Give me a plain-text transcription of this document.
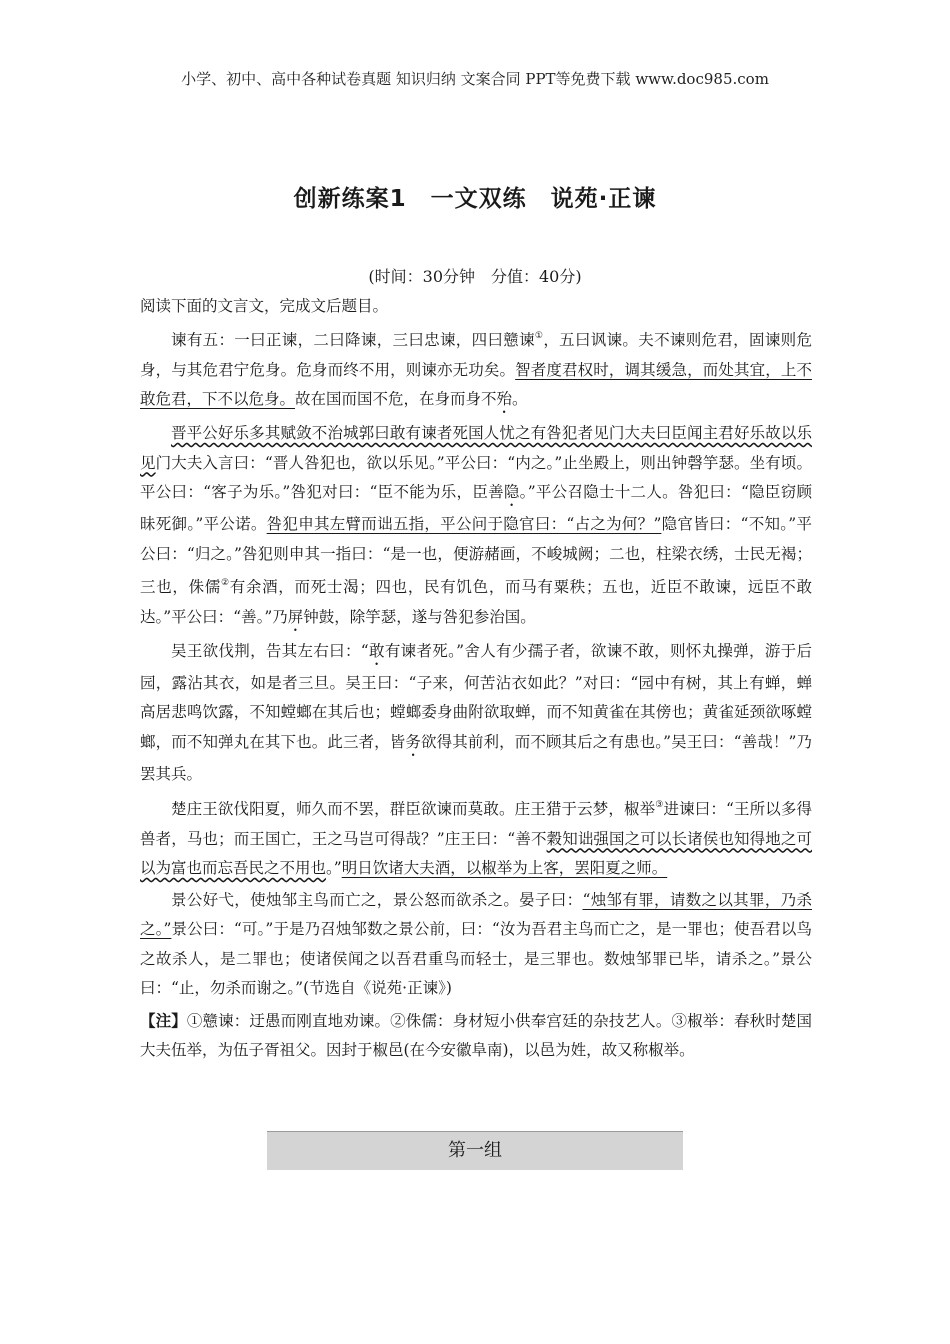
小学、初中、高中各种试卷真题 知识归纳 文案合同 PPT等免费下载 www.doc985.com
创新练案1　一文双练　说苑·正谏
(时间：30分钟　分值：40分)

阅读下面的文言文，完成文后题目。

谏有五：一曰正谏，二曰降谏，三曰忠谏，四曰戆谏①，五曰讽谏。夫不谏则危君，固谏则危身，与其危君宁危身。危身而终不用，则谏亦无功矣。智者度君权时，调其缓急，而处其宜，上不敢危君，下不以危身。故在国而国不危，在身而身不殆。

晋平公好乐多其赋敛不治城郭曰敢有谏者死国人忧之有咎犯者见门大夫曰臣闻主君好乐故以乐见门大夫入言曰：“晋人咎犯也，欲以乐见。”平公曰：“内之。”止坐殿上，则出钟磬竽瑟。坐有顷。平公曰：“客子为乐。”咎犯对曰：“臣不能为乐，臣善隐。”平公召隐士十二人。咎犯曰：“隐臣窃顾昧死御。”平公诺。咎犯申其左臂而诎五指，平公问于隐官曰：“占之为何？”隐官皆曰：“不知。”平公曰：“归之。”咎犯则申其一指曰：“是一也，便游赭画，不峻城阙；二也，柱梁衣绣，士民无褐；三也，侏儒②有余酒，而死士渴；四也，民有饥色，而马有粟秩；五也，近臣不敢谏，远臣不敢达。”平公曰：“善。”乃屏钟鼓，除竽瑟，遂与咎犯参治国。

吴王欲伐荆，告其左右曰：“敢有谏者死。”舍人有少孺子者，欲谏不敢，则怀丸操弹，游于后园，露沾其衣，如是者三旦。吴王曰：“子来，何苦沾衣如此？”对曰：“园中有树，其上有蝉，蝉高居悲鸣饮露，不知螳螂在其后也；螳螂委身曲附欲取蝉，而不知黄雀在其傍也；黄雀延颈欲啄螳螂，而不知弹丸在其下也。此三者，皆务欲得其前利，而不顾其后之有患也。”吴王曰：“善哉！”乃罢其兵。

楚庄王欲伐阳夏，师久而不罢，群臣欲谏而莫敢。庄王猎于云梦，椒举③进谏曰：“王所以多得兽者，马也；而王国亡，王之马岂可得哉？”庄王曰：“善不穀知诎强国之可以长诸侯也知得地之可以为富也而忘吾民之不用也。”明日饮诸大夫酒，以椒举为上客，罢阳夏之师。

景公好弋，使烛邹主鸟而亡之，景公怒而欲杀之。晏子曰：“烛邹有罪，请数之以其罪，乃杀之。”景公曰：“可。”于是乃召烛邹数之景公前，曰：“汝为吾君主鸟而亡之，是一罪也；使吾君以鸟之故杀人，是二罪也；使诸侯闻之以吾君重鸟而轻士，是三罪也。数烛邹罪已毕，请杀之。”景公曰：“止，勿杀而谢之。”(节选自《说苑·正谏》)

【注】①戆谏：迂愚而刚直地劝谏。②侏儒：身材短小供奉宫廷的杂技艺人。③椒举：春秋时楚国大夫伍举，为伍子胥祖父。因封于椒邑(在今安徽阜南)，以邑为姓，故又称椒举。

第一组
